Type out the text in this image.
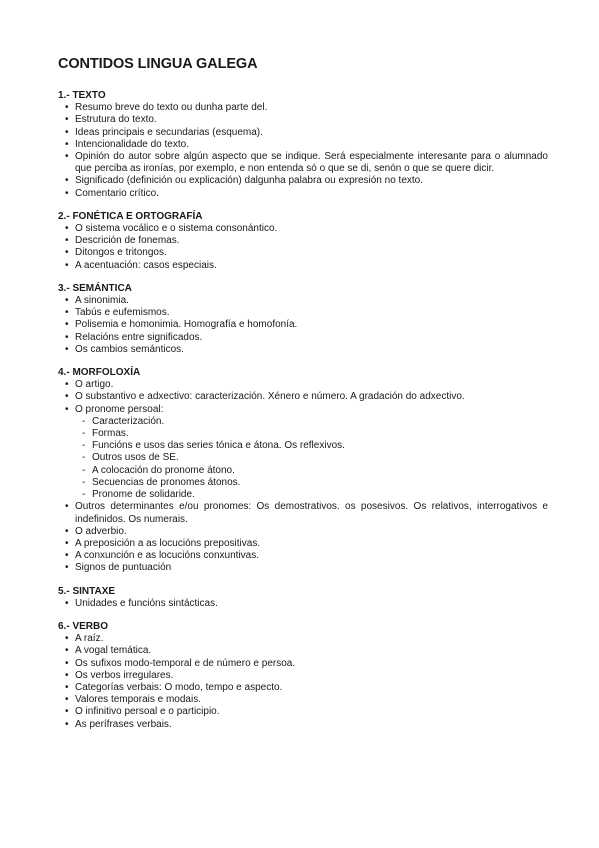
CONTIDOS LINGUA GALEGA
1.- TEXTO
• Resumo breve do texto ou dunha parte del.
• Estrutura do texto.
• Ideas principais e secundarias (esquema).
• Intencionalidade do texto.
• Opinión do autor sobre algún aspecto que se indique. Será especialmente interesante para o alumnado que perciba as ironías, por exemplo, e non entenda só o que se di, senón o que se quere dicir.
• Significado (definición ou explicación) dalgunha palabra ou expresión no texto.
• Comentario crítico.
2.- FONÉTICA E ORTOGRAFÍA
• O sistema vocálico e o sistema consonántico.
• Descrición de fonemas.
• Ditongos e tritongos.
• A acentuación: casos especiais.
3.- SEMÁNTICA
• A sinonimia.
• Tabús e eufemismos.
• Polisemia e homonimia. Homografía e homofonía.
• Relacións entre significados.
• Os cambios semánticos.
4.- MORFOLOXÍA
• O artigo.
• O substantivo e adxectivo: caracterización. Xénero e número. A gradación do adxectivo.
• O pronome persoal:
- Caracterización.
- Formas.
- Funcións e usos das series tónica e átona. Os reflexivos.
- Outros usos de SE.
- A colocación do pronome átono.
- Secuencias de pronomes átonos.
- Pronome de solidaride.
• Outros determinantes e/ou pronomes: Os demostrativos. os posesivos. Os relativos, interrogativos e indefinidos. Os numerais.
• O adverbio.
• A preposición a as locucións prepositivas.
• A conxunción e as locucións conxuntivas.
• Signos de puntuación
5.- SINTAXE
• Unidades e funcións sintácticas.
6.- VERBO
• A raíz.
• A vogal temática.
• Os sufixos modo-temporal e de número e persoa.
• Os verbos irregulares.
• Categorías verbais: O modo, tempo e aspecto.
• Valores temporais e modais.
• O infinitivo persoal e o participio.
• As perífrases verbais.
